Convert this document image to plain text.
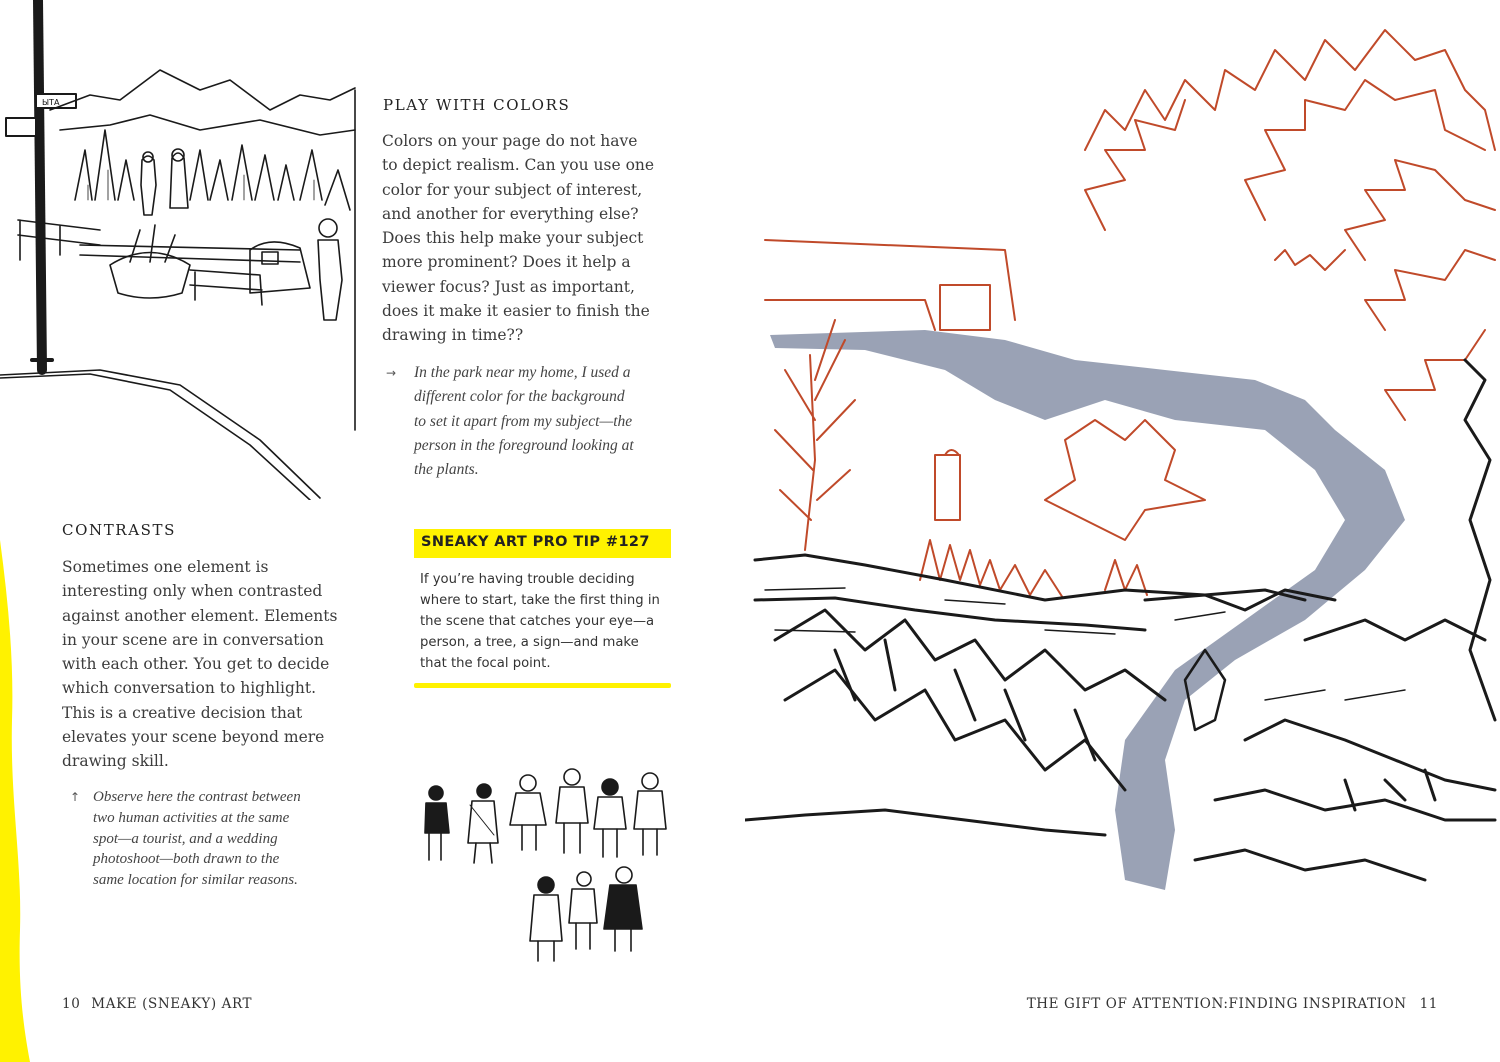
ЫТА	PLAY WITH COLORS
Colors on your page do not have
to depict realism. Can you use one
color for your subject of interest,
and another for everything else?
Does this help make your subject
more prominent? Does it help a
viewer focus? Just as important,
does it make it easier to finish the
drawing in time??
→ In the park near my home, I used a
different color for the background
to set it apart from my subject—the
person in the foreground looking at
the plants.
CONTRASTS
Sometimes one element is
interesting only when contrasted
against another element. Elements
in your scene are in conversation
with each other. You get to decide
which conversation to highlight.
This is a creative decision that
elevates your scene beyond mere
drawing skill.
↑ Observe here the contrast between
two human activities at the same
spot—a tourist, and a wedding
photoshoot—both drawn to the
same location for similar reasons.
SNEAKY ART PRO TIP #127
If you’re having trouble deciding
where to start, take the first thing in
the scene that catches your eye—a
person, a tree, a sign—and make
that the focal point.
10 MAKE (SNEAKY) ART	THE GIFT OF ATTENTION:FINDING INSPIRATION 11
